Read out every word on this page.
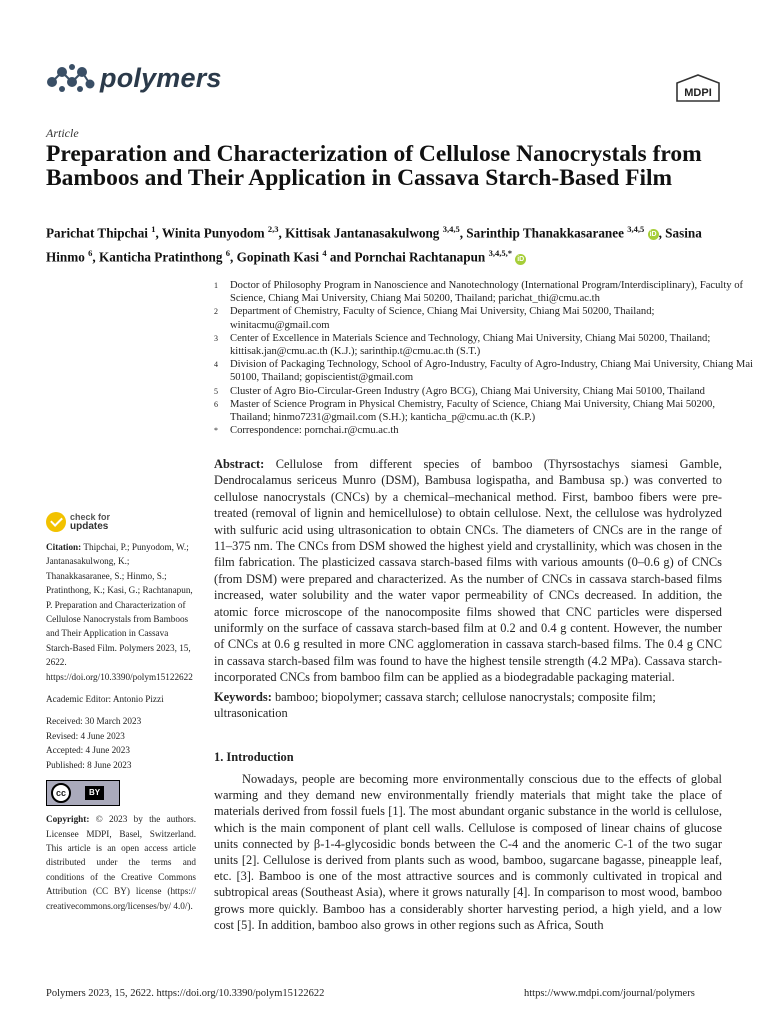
polymers
MDPI
Article
Preparation and Characterization of Cellulose Nanocrystals from Bamboos and Their Application in Cassava Starch-Based Film
Parichat Thipchai $^1$, Winita Punyodom $^{2,3}$, Kittisak Jantanasakulwong $^{3,4,5}$, Sarinthip Thanakkasaranee $^{3,4,5}$ iD , Sasina Hinmo $^6$, Kanticha Pratinthong $^6$, Gopinath Kasi $^4$ and Pornchai Rachtanapun $^{3,4,5,*}$ iD
1	Doctor of Philosophy Program in Nanoscience and Nanotechnology (International Program/Interdisciplinary), Faculty of Science, Chiang Mai University, Chiang Mai 50200, Thailand; parichat_thi@cmu.ac.th
2	Department of Chemistry, Faculty of Science, Chiang Mai University, Chiang Mai 50200, Thailand; winitacmu@gmail.com
3	Center of Excellence in Materials Science and Technology, Chiang Mai University, Chiang Mai 50200, Thailand; kittisak.jan@cmu.ac.th (K.J.); sarinthip.t@cmu.ac.th (S.T.)
4	Division of Packaging Technology, School of Agro-Industry, Faculty of Agro-Industry, Chiang Mai University, Chiang Mai 50100, Thailand; gopiscientist@gmail.com
5	Cluster of Agro Bio-Circular-Green Industry (Agro BCG), Chiang Mai University, Chiang Mai 50100, Thailand
6	Master of Science Program in Physical Chemistry, Faculty of Science, Chiang Mai University, Chiang Mai 50200, Thailand; hinmo7231@gmail.com (S.H.); kanticha_p@cmu.ac.th (K.P.)
*	Correspondence: pornchai.r@cmu.ac.th
check for
updates
Citation: Thipchai, P.; Punyodom, W.; Jantanasakulwong, K.; Thanakkasaranee, S.; Hinmo, S.; Pratinthong, K.; Kasi, G.; Rachtanapun, P. Preparation and Characterization of Cellulose Nanocrystals from Bamboos and Their Application in Cassava Starch-Based Film. Polymers 2023, 15, 2622. https://doi.org/10.3390/polym15122622
Academic Editor: Antonio Pizzi
Received: 30 March 2023
Revised: 4 June 2023
Accepted: 4 June 2023
Published: 8 June 2023
cc	BY
Copyright: © 2023 by the authors. Licensee MDPI, Basel, Switzerland. This article is an open access article distributed under the terms and conditions of the Creative Commons Attribution (CC BY) license (https:// creativecommons.org/licenses/by/ 4.0/).
Abstract: Cellulose from different species of bamboo (Thyrsostachys siamesi Gamble, Dendrocalamus sericeus Munro (DSM), Bambusa logispatha, and Bambusa sp.) was converted to cellulose nanocrystals (CNCs) by a chemical–mechanical method. First, bamboo fibers were pre-treated (removal of lignin and hemicellulose) to obtain cellulose. Next, the cellulose was hydrolyzed with sulfuric acid using ultrasonication to obtain CNCs. The diameters of CNCs are in the range of 11–375 nm. The CNCs from DSM showed the highest yield and crystallinity, which was chosen in the film fabrication. The plasticized cassava starch-based films with various amounts (0–0.6 g) of CNCs (from DSM) were prepared and characterized. As the number of CNCs in cassava starch-based films increased, water solubility and the water vapor permeability of CNCs decreased. In addition, the atomic force microscope of the nanocomposite films showed that CNC particles were dispersed uniformly on the surface of cassava starch-based film at 0.2 and 0.4 g content. However, the number of CNCs at 0.6 g resulted in more CNC agglomeration in cassava starch-based films. The 0.4 g CNC in cassava starch-based film was found to have the highest tensile strength (4.2 MPa). Cassava starch-incorporated CNCs from bamboo film can be applied as a biodegradable packaging material.
Keywords: bamboo; biopolymer; cassava starch; cellulose nanocrystals; composite film; ultrasonication
1. Introduction
Nowadays, people are becoming more environmentally conscious due to the effects of global warming and they demand new environmentally friendly materials that might take the place of materials derived from fossil fuels [1]. The most abundant organic substance in the world is cellulose, which is the main component of plant cell walls. Cellulose is composed of linear chains of glucose units connected by β-1-4-glycosidic bonds between the C-4 and the anomeric C-1 of the two sugar units [2]. Cellulose is derived from plants such as wood, bamboo, sugarcane bagasse, pineapple leaf, etc. [3]. Bamboo is one of the most attractive sources and is commonly cultivated in tropical and subtropical areas (Southeast Asia), where it grows naturally [4]. In comparison to most wood, bamboo grows more quickly. Bamboo has a considerably shorter harvesting period, a high yield, and a low cost [5]. In addition, bamboo also grows in other regions such as Africa, South
Polymers 2023, 15, 2622. https://doi.org/10.3390/polym15122622	https://www.mdpi.com/journal/polymers
